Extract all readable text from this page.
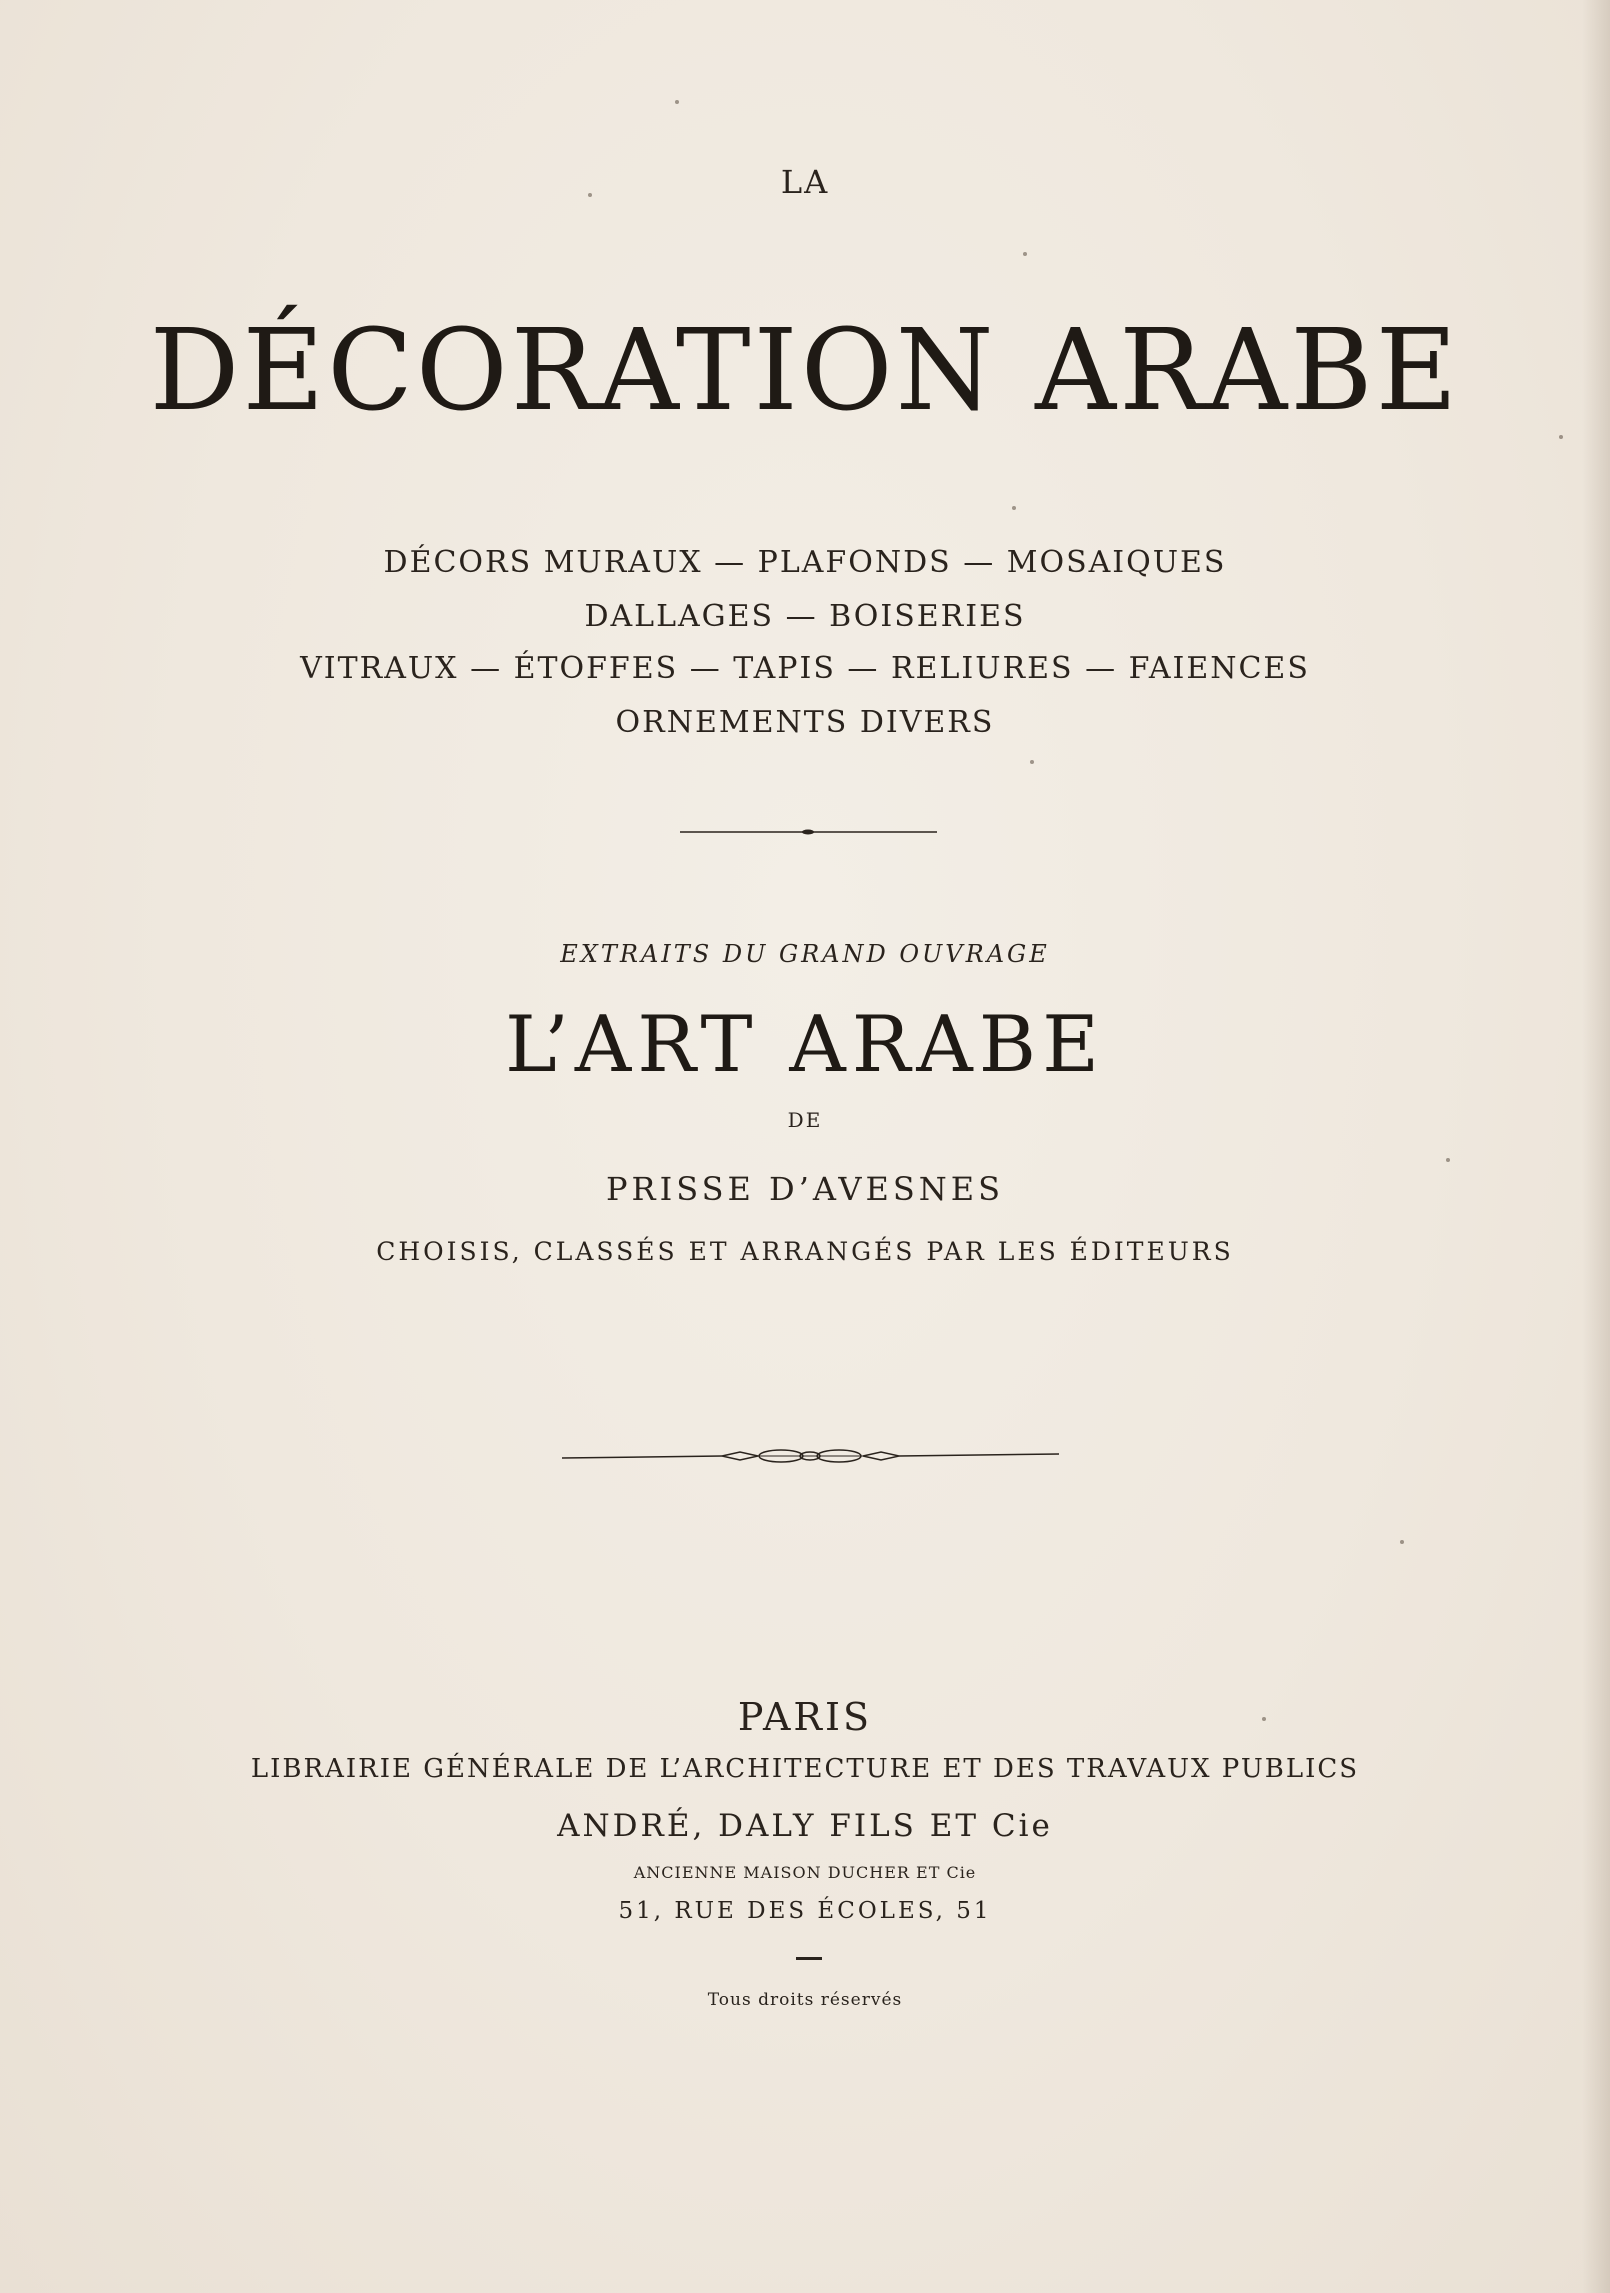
LA
DÉCORATION ARABE
DÉCORS MURAUX — PLAFONDS — MOSAIQUES
DALLAGES — BOISERIES
VITRAUX — ÉTOFFES — TAPIS — RELIURES — FAIENCES
ORNEMENTS DIVERS
EXTRAITS DU GRAND OUVRAGE
L’ART ARABE
DE
PRISSE D’AVESNES
CHOISIS, CLASSÉS ET ARRANGÉS PAR LES ÉDITEURS
PARIS
LIBRAIRIE GÉNÉRALE DE L’ARCHITECTURE ET DES TRAVAUX PUBLICS
ANDRÉ, DALY FILS ET Cie
ANCIENNE MAISON DUCHER ET Cie
51, RUE DES ÉCOLES, 51
Tous droits réservés
